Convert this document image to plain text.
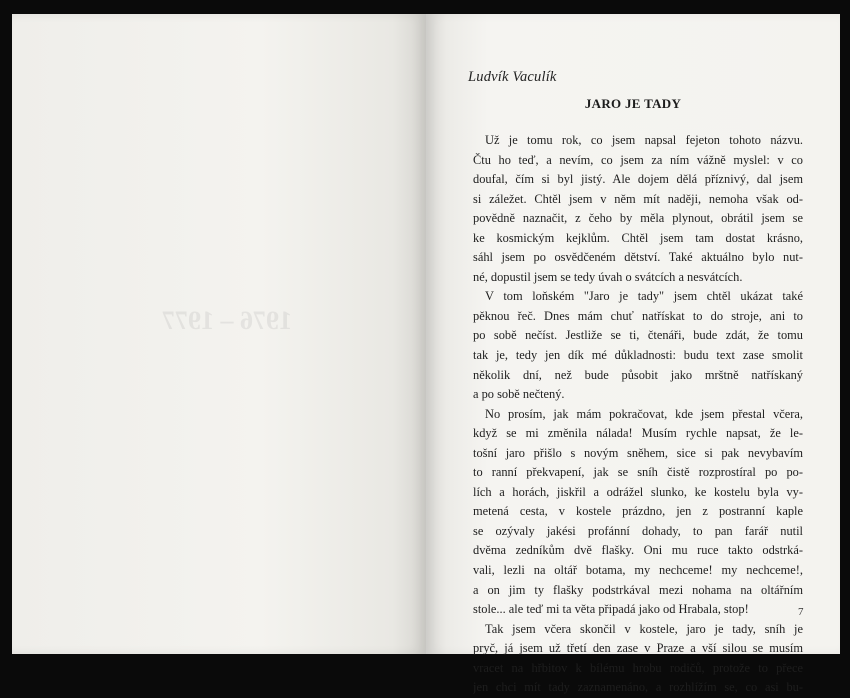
1976 – 1977
Ludvík Vaculík
JARO JE TADY
Už je tomu rok, co jsem napsal fejeton tohoto názvu.
Čtu ho teď, a nevím, co jsem za ním vážně myslel: v co
doufal, čím si byl jistý. Ale dojem dělá příznivý, dal jsem
si záležet. Chtěl jsem v něm mít naději, nemoha však od-
povědně naznačit, z čeho by měla plynout, obrátil jsem se
ke kosmickým kejklům. Chtěl jsem tam dostat krásno,
sáhl jsem po osvědčeném dětství. Také aktuálno bylo nut-
né, dopustil jsem se tedy úvah o svátcích a nesvátcích.
V tom loňském "Jaro je tady" jsem chtěl ukázat také
pěknou řeč. Dnes mám chuť natřískat to do stroje, ani to
po sobě nečíst. Jestliže se ti, čtenáři, bude zdát, že tomu
tak je, tedy jen dík mé důkladnosti: budu text zase smolit
několik dní, než bude působit jako mrštně natřískaný
a po sobě nečtený.
No prosím, jak mám pokračovat, kde jsem přestal včera,
když se mi změnila nálada! Musím rychle napsat, že le-
tošní jaro přišlo s novým sněhem, sice si pak nevybavím
to ranní překvapení, jak se sníh čistě rozprostíral po po-
lích a horách, jiskřil a odrážel slunko, ke kostelu byla vy-
metená cesta, v kostele prázdno, jen z postranní kaple
se ozývaly jakési profánní dohady, to pan farář nutil
dvěma zedníkům dvě flašky. Oni mu ruce takto odstrká-
vali, lezli na oltář botama, my nechceme! my nechceme!,
a on jim ty flašky podstrkával mezi nohama na oltářním
stole... ale teď mi ta věta připadá jako od Hrabala, stop!
Tak jsem včera skončil v kostele, jaro je tady, sníh je
pryč, já jsem už třetí den zase v Praze a vší silou se musím
vracet na hřbitov k bílému hrobu rodičů, protože to přece
jen chci mít tady zaznamenáno, a rozhlížím se, co asi bu-
7
